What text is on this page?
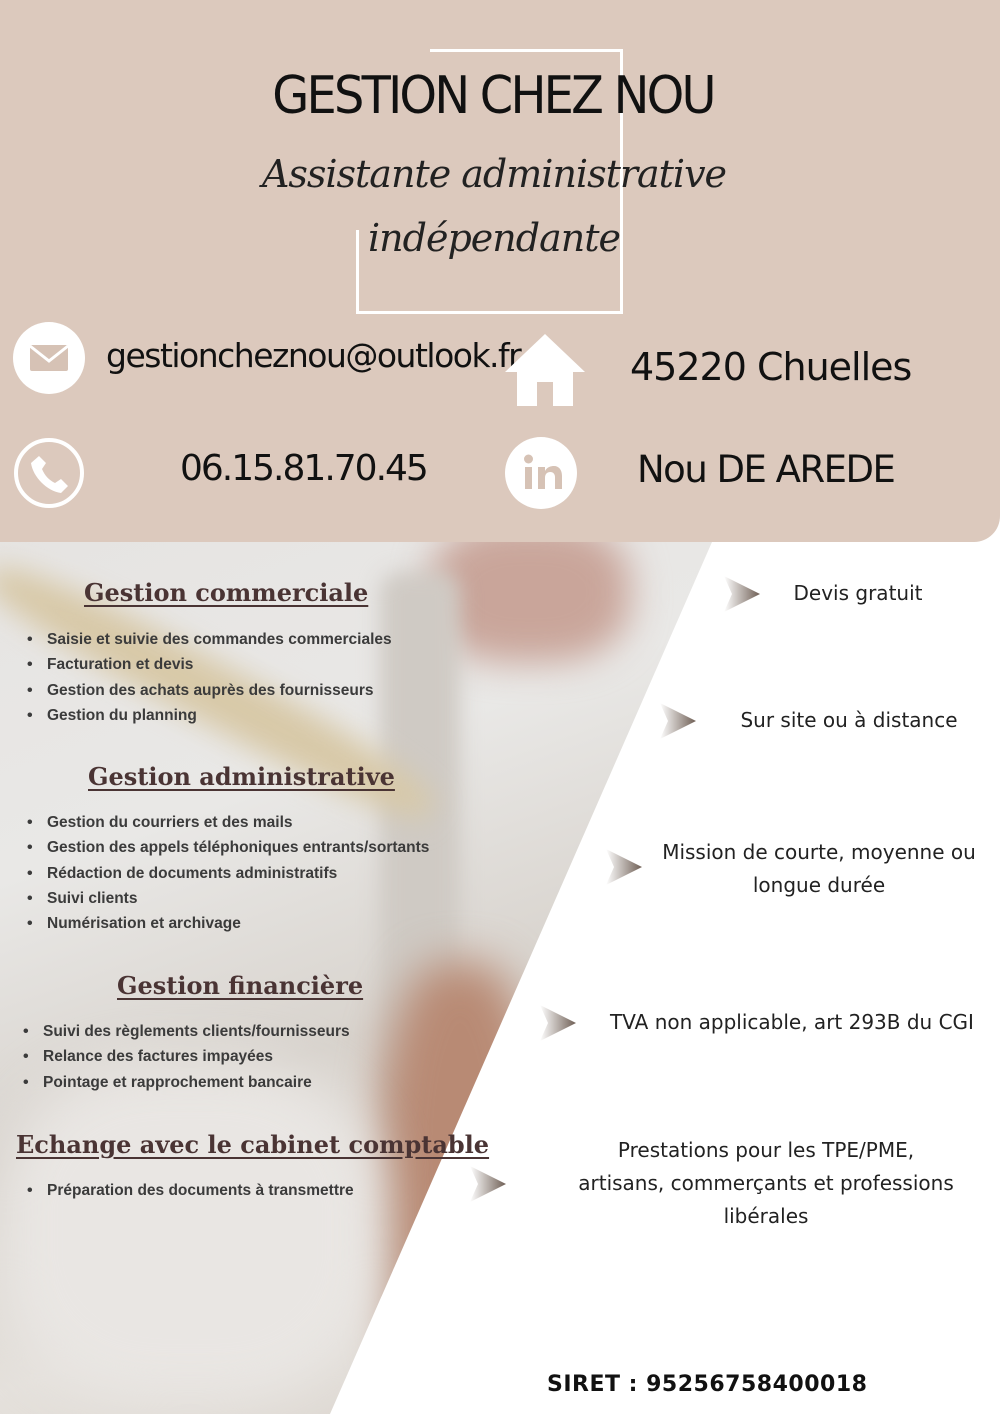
GESTION CHEZ NOU
Assistante administrative
indépendante
gestioncheznou@outlook.fr	45220 Chuelles
06.15.81.70.45	Nou DE AREDE
Gestion commerciale
• Saisie et suivie des commandes commerciales
• Facturation et devis
• Gestion des achats auprès des fournisseurs
• Gestion du planning
Gestion administrative
• Gestion du courriers et des mails
• Gestion des appels téléphoniques entrants/sortants
• Rédaction de documents administratifs
• Suivi clients
• Numérisation et archivage
Gestion financière
• Suivi des règlements clients/fournisseurs
• Relance des factures impayées
• Pointage et rapprochement bancaire
Echange avec le cabinet comptable
• Préparation des documents à transmettre
Devis gratuit
Sur site ou à distance
Mission de courte, moyenne ou
longue durée
TVA non applicable, art 293B du CGI
Prestations pour les TPE/PME,
artisans, commerçants et professions
libérales
SIRET : 95256758400018
